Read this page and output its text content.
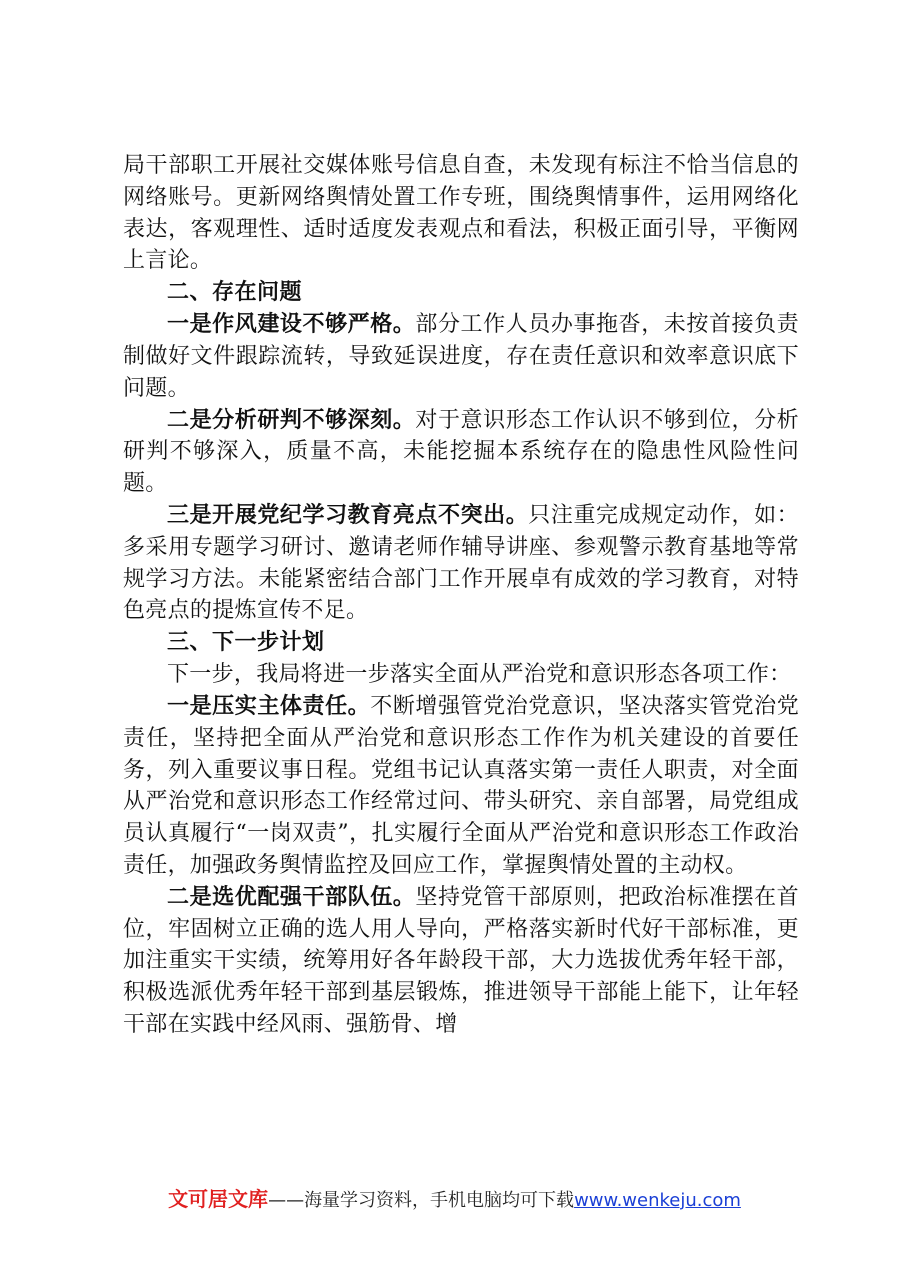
局干部职工开展社交媒体账号信息自查，未发现有标注不恰当信息的网络账号。更新网络舆情处置工作专班，围绕舆情事件，运用网络化表达，客观理性、适时适度发表观点和看法，积极正面引导，平衡网上言论。

二、存在问题

一是作风建设不够严格。部分工作人员办事拖沓，未按首接负责制做好文件跟踪流转，导致延误进度，存在责任意识和效率意识底下问题。

二是分析研判不够深刻。对于意识形态工作认识不够到位，分析研判不够深入，质量不高，未能挖掘本系统存在的隐患性风险性问题。

三是开展党纪学习教育亮点不突出。只注重完成规定动作，如：多采用专题学习研讨、邀请老师作辅导讲座、参观警示教育基地等常规学习方法。未能紧密结合部门工作开展卓有成效的学习教育，对特色亮点的提炼宣传不足。

三、下一步计划

下一步，我局将进一步落实全面从严治党和意识形态各项工作：

一是压实主体责任。不断增强管党治党意识，坚决落实管党治党责任，坚持把全面从严治党和意识形态工作作为机关建设的首要任务，列入重要议事日程。党组书记认真落实第一责任人职责，对全面从严治党和意识形态工作经常过问、带头研究、亲自部署，局党组成员认真履行“一岗双责”，扎实履行全面从严治党和意识形态工作政治责任，加强政务舆情监控及回应工作，掌握舆情处置的主动权。

二是选优配强干部队伍。坚持党管干部原则，把政治标准摆在首位，牢固树立正确的选人用人导向，严格落实新时代好干部标准，更加注重实干实绩，统筹用好各年龄段干部，大力选拔优秀年轻干部，积极选派优秀年轻干部到基层锻炼，推进领导干部能上能下，让年轻干部在实践中经风雨、强筋骨、增

文可居文库——海量学习资料，手机电脑均可下载www.wenkeju.com
